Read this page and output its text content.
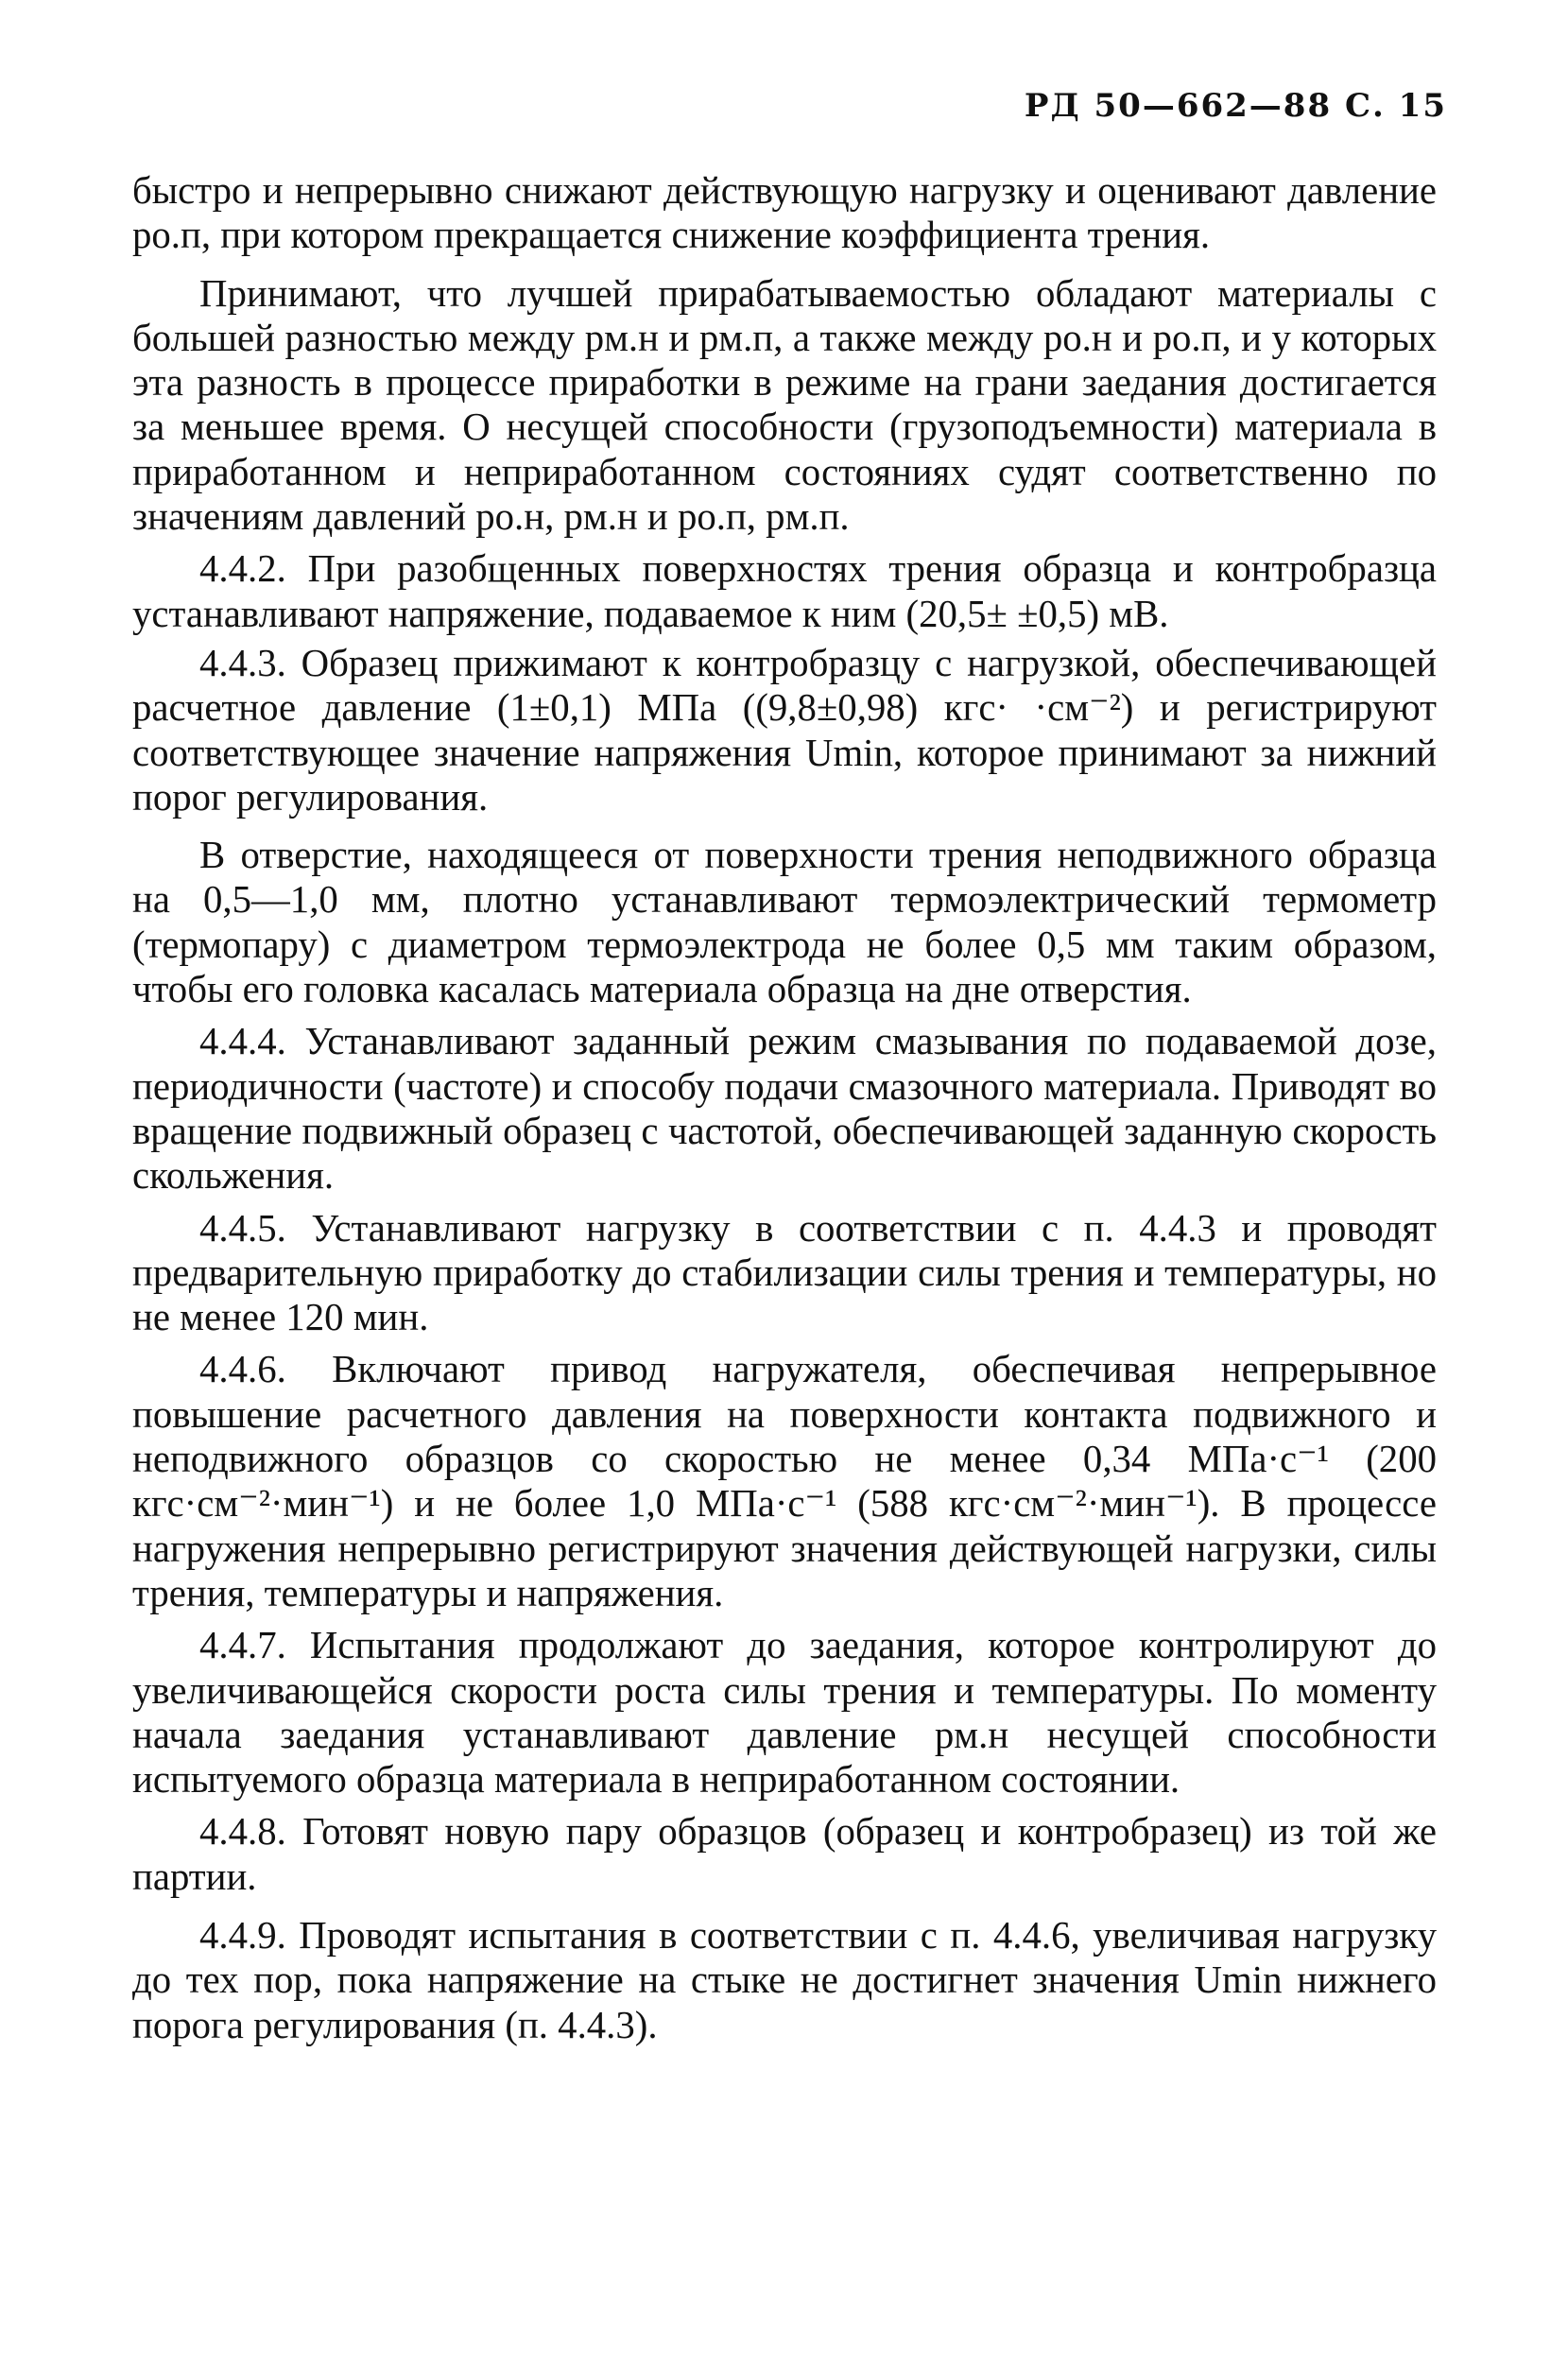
РД 50—662—88 С. 15

быстро и непрерывно снижают действующую нагрузку и оценивают давление pо.п, при котором прекращается снижение коэффициента трения.

Принимают, что лучшей прирабатываемостью обладают материалы с большей разностью между pм.н и pм.п, а также между pо.н и pо.п, и у которых эта разность в процессе приработки в режиме на грани заедания достигается за меньшее время. О несущей способности (грузоподъемности) материала в приработанном и неприработанном состояниях судят соответственно по значениям давлений pо.н, pм.н и pо.п, pм.п.

4.4.2. При разобщенных поверхностях трения образца и контробразца устанавливают напряжение, подаваемое к ним (20,5± ±0,5) мВ.

4.4.3. Образец прижимают к контробразцу с нагрузкой, обеспечивающей расчетное давление (1±0,1) МПа ((9,8±0,98) кгс· ·см⁻²) и регистрируют соответствующее значение напряжения Umin, которое принимают за нижний порог регулирования.

В отверстие, находящееся от поверхности трения неподвижного образца на 0,5—1,0 мм, плотно устанавливают термоэлектрический термометр (термопару) с диаметром термоэлектрода не более 0,5 мм таким образом, чтобы его головка касалась материала образца на дне отверстия.

4.4.4. Устанавливают заданный режим смазывания по подаваемой дозе, периодичности (частоте) и способу подачи смазочного материала. Приводят во вращение подвижный образец с частотой, обеспечивающей заданную скорость скольжения.

4.4.5. Устанавливают нагрузку в соответствии с п. 4.4.3 и проводят предварительную приработку до стабилизации силы трения и температуры, но не менее 120 мин.

4.4.6. Включают привод нагружателя, обеспечивая непрерывное повышение расчетного давления на поверхности контакта подвижного и неподвижного образцов со скоростью не менее 0,34 МПа·с⁻¹ (200 кгс·см⁻²·мин⁻¹) и не более 1,0 МПа·с⁻¹ (588 кгс·см⁻²·мин⁻¹). В процессе нагружения непрерывно регистрируют значения действующей нагрузки, силы трения, температуры и напряжения.

4.4.7. Испытания продолжают до заедания, которое контролируют до увеличивающейся скорости роста силы трения и температуры. По моменту начала заедания устанавливают давление pм.н несущей способности испытуемого образца материала в неприработанном состоянии.

4.4.8. Готовят новую пару образцов (образец и контробразец) из той же партии.

4.4.9. Проводят испытания в соответствии с п. 4.4.6, увеличивая нагрузку до тех пор, пока напряжение на стыке не достигнет значения Umin нижнего порога регулирования (п. 4.4.3).
